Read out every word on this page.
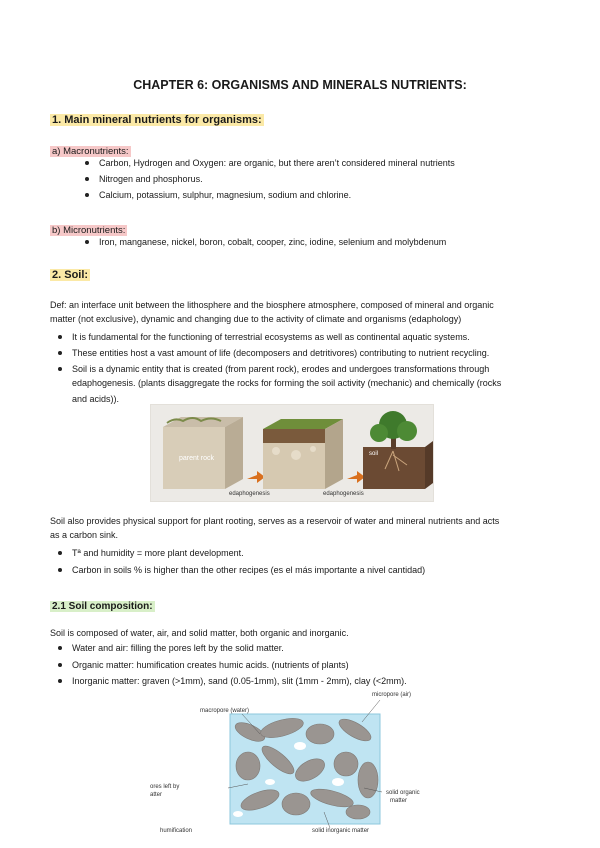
CHAPTER 6: ORGANISMS AND MINERALS NUTRIENTS:
1. Main mineral nutrients for organisms:
a) Macronutrients:
Carbon, Hydrogen and Oxygen: are organic, but there aren’t considered mineral nutrients
Nitrogen and phosphorus.
Calcium, potassium, sulphur, magnesium, sodium and chlorine.
b) Micronutrients:
Iron, manganese, nickel, boron, cobalt, cooper, zinc, iodine, selenium and molybdenum
2. Soil:
Def: an interface unit between the lithosphere and the biosphere atmosphere, composed of mineral and organic
matter (not exclusive), dynamic and changing due to the activity of climate and organisms (edaphology)
It is fundamental for the functioning of terrestrial ecosystems as well as continental aquatic systems.
These entities host a vast amount of life (decomposers and detritivores) contributing to nutrient recycling.
Soil is a dynamic entity that is created (from parent rock), erodes and undergoes transformations through
edaphogenesis. (plants disaggregate the rocks for forming the soil activity (mechanic) and chemically (rocks
and acids)).
parent rock
soil
edaphogenesis	edaphogenesis
Soil also provides physical support for plant rooting, serves as a reservoir of water and mineral nutrients and acts
as a carbon sink.
Tª and humidity = more plant development.
Carbon in soils % is higher than the other recipes (es el más importante a nivel cantidad)
2.1 Soil composition:
Soil is composed of water, air, and solid matter, both organic and inorganic.
Water and air: filling the pores left by the solid matter.
Organic matter: humification creates humic acids. (nutrients of plants)
Inorganic matter: graven (>1mm), sand (0.05-1mm), slit (1mm - 2mm), clay (<2mm).
macropore (water)
micropore (air)
ores left by
atter	solid organic
matter
solid inorganic matter
humification
